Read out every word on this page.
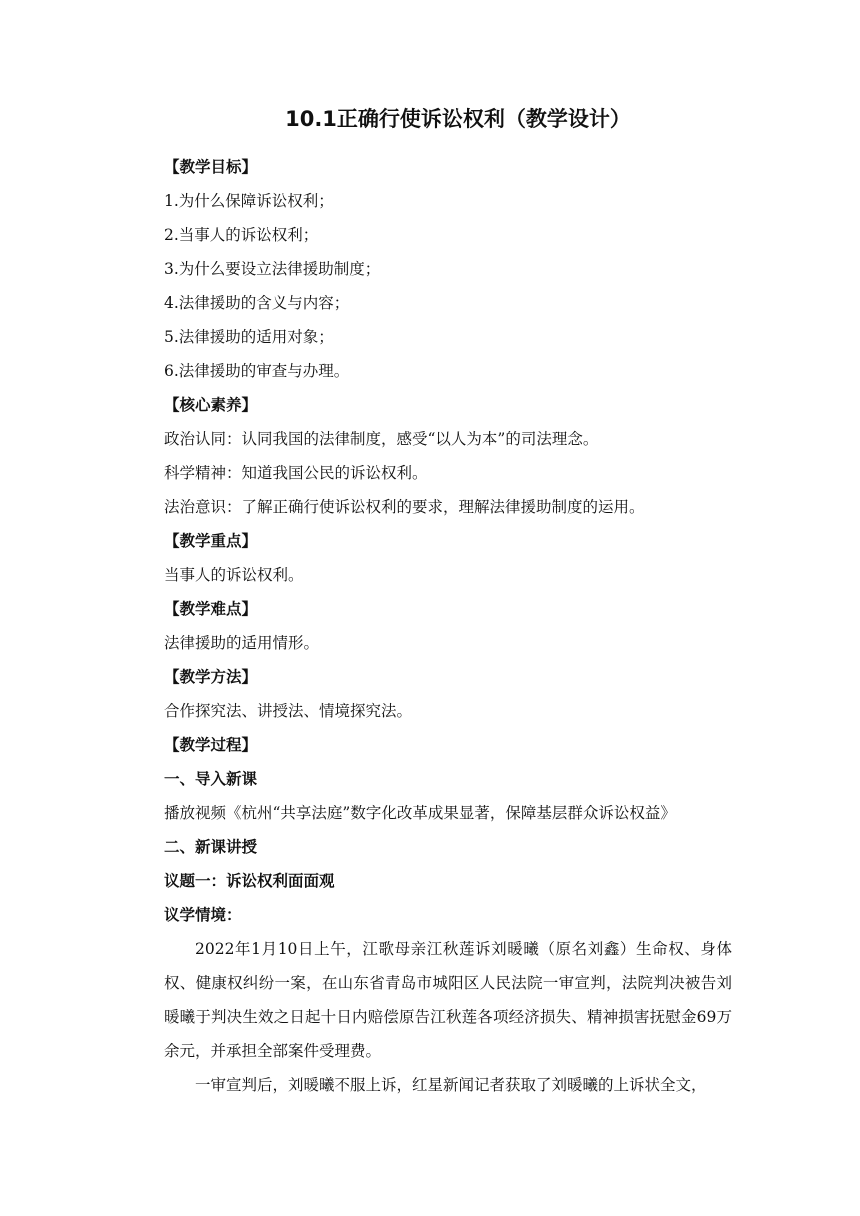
10.1正确行使诉讼权利（教学设计）
【教学目标】
1.为什么保障诉讼权利；
2.当事人的诉讼权利；
3.为什么要设立法律援助制度；
4.法律援助的含义与内容；
5.法律援助的适用对象；
6.法律援助的审查与办理。
【核心素养】
政治认同：认同我国的法律制度，感受“以人为本”的司法理念。
科学精神：知道我国公民的诉讼权利。
法治意识：了解正确行使诉讼权利的要求，理解法律援助制度的运用。
【教学重点】
当事人的诉讼权利。
【教学难点】
法律援助的适用情形。
【教学方法】
合作探究法、讲授法、情境探究法。
【教学过程】
一、导入新课
播放视频《杭州“共享法庭”数字化改革成果显著，保障基层群众诉讼权益》
二、新课讲授
议题一：诉讼权利面面观
议学情境：

2022年1月10日上午，江歌母亲江秋莲诉刘暖曦（原名刘鑫）生命权、身体权、健康权纠纷一案，在山东省青岛市城阳区人民法院一审宣判，法院判决被告刘暖曦于判决生效之日起十日内赔偿原告江秋莲各项经济损失、精神损害抚慰金69万余元，并承担全部案件受理费。

一审宣判后，刘暖曦不服上诉，红星新闻记者获取了刘暖曦的上诉状全文，
